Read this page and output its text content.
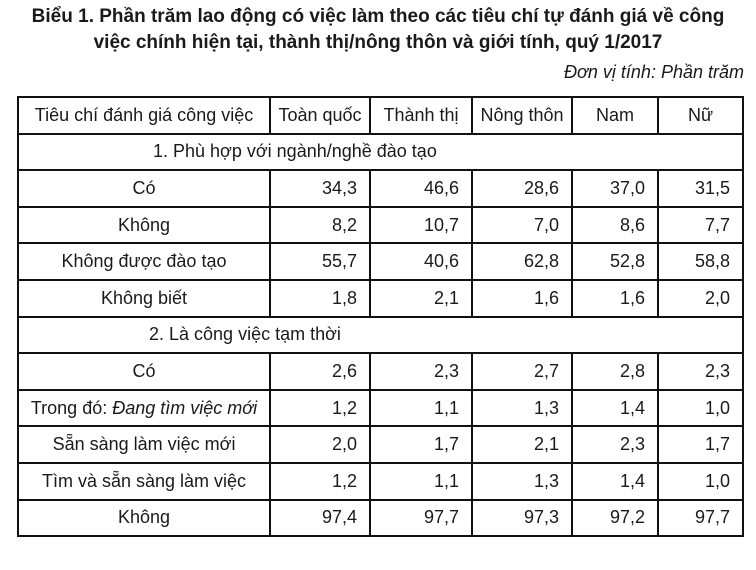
Biểu 1. Phần trăm lao động có việc làm theo các tiêu chí tự đánh giá về công
việc chính hiện tại, thành thị/nông thôn và giới tính, quý 1/2017
Đơn vị tính: Phần trăm
Tiêu chí đánh giá công việc	Toàn quốc	Thành thị	Nông thôn	Nam	Nữ
1. Phù hợp với ngành/nghề đào tạo					
Có	34,3	46,6	28,6	37,0	31,5
Không	8,2	10,7	7,0	8,6	7,7
Không được đào tạo	55,7	40,6	62,8	52,8	58,8
Không biết	1,8	2,1	1,6	1,6	2,0
2. Là công việc tạm thời					
Có	2,6	2,3	2,7	2,8	2,3
Trong đó: Đang tìm việc mới	1,2	1,1	1,3	1,4	1,0
Sẵn sàng làm việc mới	2,0	1,7	2,1	2,3	1,7
Tìm và sẵn sàng làm việc	1,2	1,1	1,3	1,4	1,0
Không	97,4	97,7	97,3	97,2	97,7
